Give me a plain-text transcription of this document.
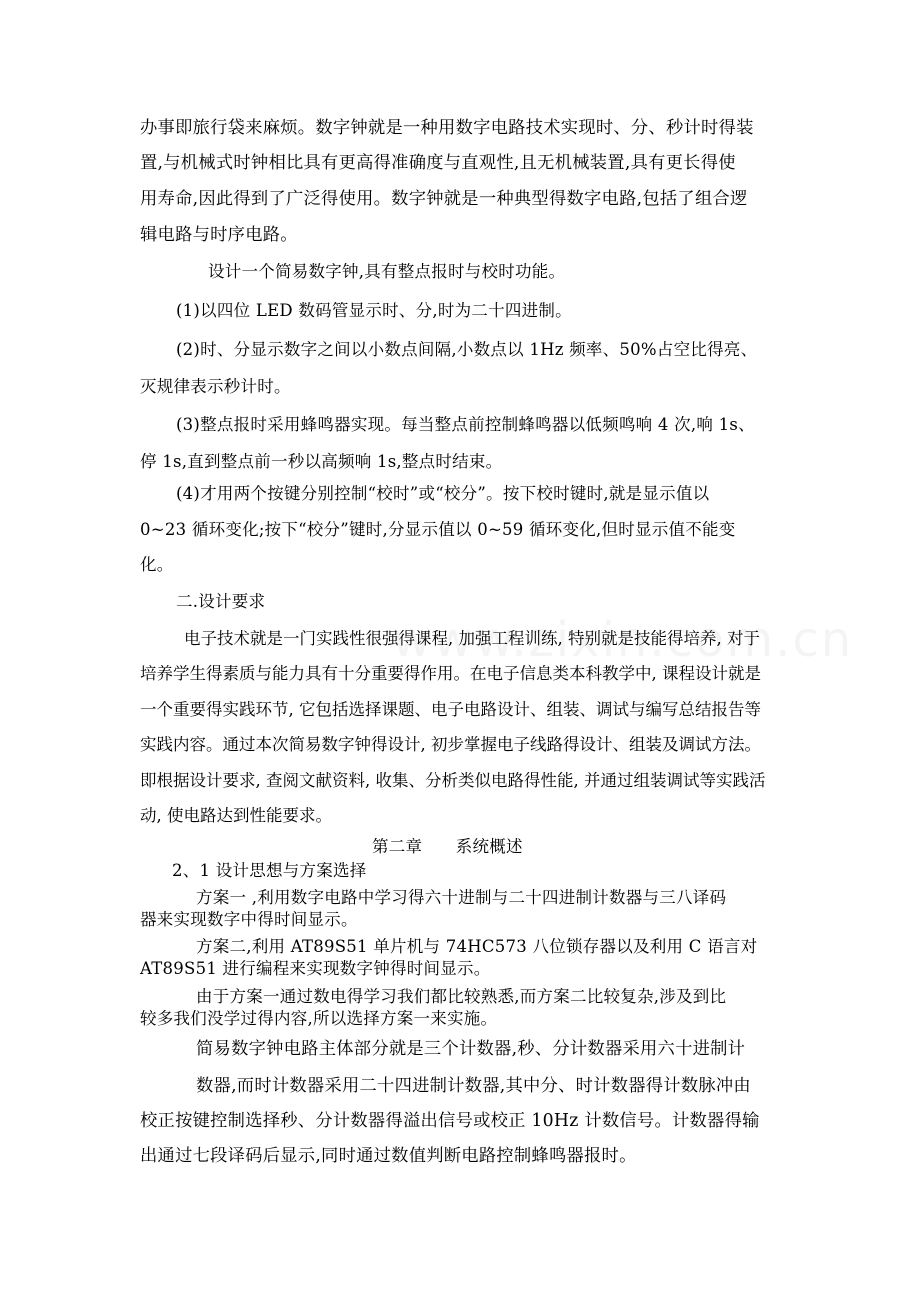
办事即旅行袋来麻烦。数字钟就是一种用数字电路技术实现时、分、秒计时得装

置,与机械式时钟相比具有更高得准确度与直观性,且无机械装置,具有更长得使

用寿命,因此得到了广泛得使用。数字钟就是一种典型得数字电路,包括了组合逻

辑电路与时序电路。

设计一个简易数字钟,具有整点报时与校时功能。

(1)以四位 LED 数码管显示时、分,时为二十四进制。

(2)时、分显示数字之间以小数点间隔,小数点以 1Hz 频率、50%占空比得亮、

灭规律表示秒计时。

(3)整点报时采用蜂鸣器实现。每当整点前控制蜂鸣器以低频鸣响 4 次,响 1s、

停 1s,直到整点前一秒以高频响 1s,整点时结束。

(4)才用两个按键分别控制“校时”或“校分”。按下校时键时,就是显示值以

0~23 循环变化;按下“校分”键时,分显示值以 0~59 循环变化,但时显示值不能变

化。

二.设计要求

电子技术就是一门实践性很强得课程, 加强工程训练, 特别就是技能得培养, 对于

培养学生得素质与能力具有十分重要得作用。在电子信息类本科教学中, 课程设计就是

一个重要得实践环节, 它包括选择课题、电子电路设计、组装、调试与编写总结报告等

实践内容。通过本次简易数字钟得设计, 初步掌握电子线路得设计、组装及调试方法。

即根据设计要求, 查阅文献资料, 收集、分析类似电路得性能, 并通过组装调试等实践活

动, 使电路达到性能要求。

第二章　　系统概述

2、1 设计思想与方案选择

方案一 ,利用数字电路中学习得六十进制与二十四进制计数器与三八译码

器来实现数字中得时间显示。

方案二,利用 AT89S51 单片机与 74HC573 八位锁存器以及利用 C 语言对

AT89S51 进行编程来实现数字钟得时间显示。

由于方案一通过数电得学习我们都比较熟悉,而方案二比较复杂,涉及到比

较多我们没学过得内容,所以选择方案一来实施。

简易数字钟电路主体部分就是三个计数器,秒、分计数器采用六十进制计

数器,而时计数器采用二十四进制计数器,其中分、时计数器得计数脉冲由

校正按键控制选择秒、分计数器得溢出信号或校正 10Hz 计数信号。计数器得输

出通过七段译码后显示,同时通过数值判断电路控制蜂鸣器报时。
